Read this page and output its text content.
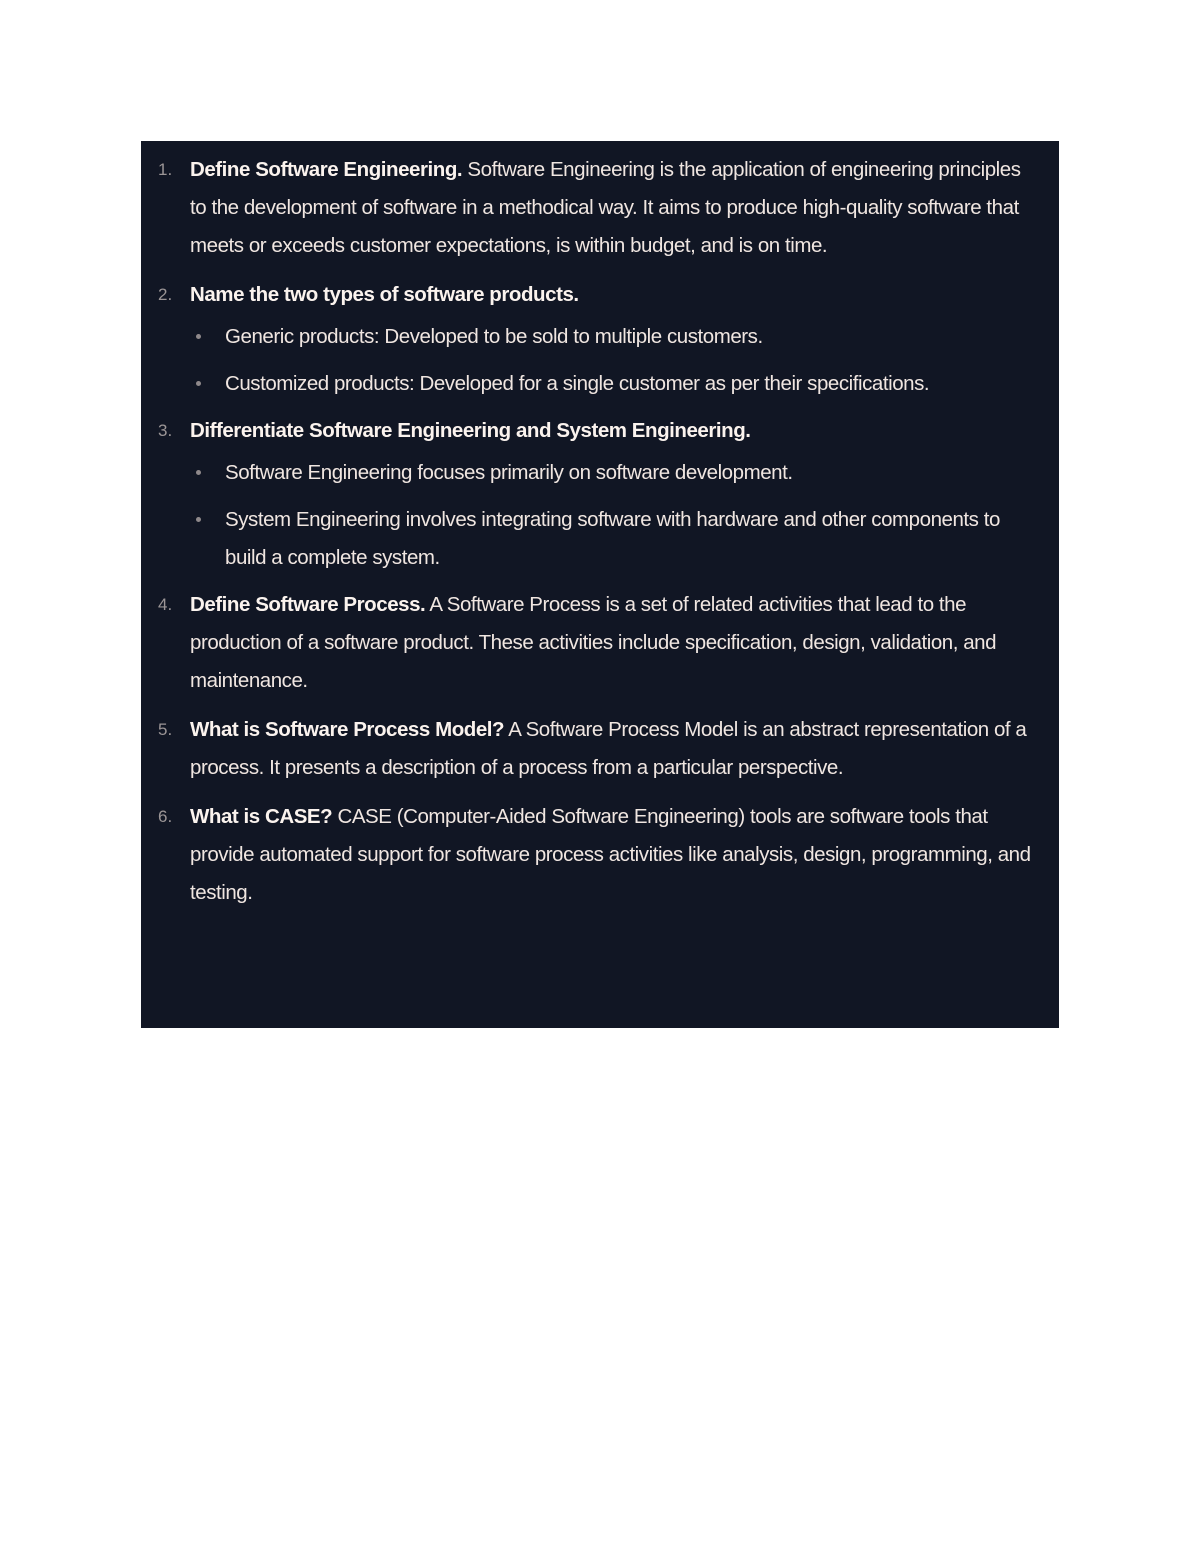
1. Define Software Engineering. Software Engineering is the application of engineering principles to the development of software in a methodical way. It aims to produce high-quality software that meets or exceeds customer expectations, is within budget, and is on time.
2. Name the two types of software products.
Generic products: Developed to be sold to multiple customers.
Customized products: Developed for a single customer as per their specifications.
3. Differentiate Software Engineering and System Engineering.
Software Engineering focuses primarily on software development.
System Engineering involves integrating software with hardware and other components to build a complete system.
4. Define Software Process. A Software Process is a set of related activities that lead to the production of a software product. These activities include specification, design, validation, and maintenance.
5. What is Software Process Model? A Software Process Model is an abstract representation of a process. It presents a description of a process from a particular perspective.
6. What is CASE? CASE (Computer-Aided Software Engineering) tools are software tools that provide automated support for software process activities like analysis, design, programming, and testing.
